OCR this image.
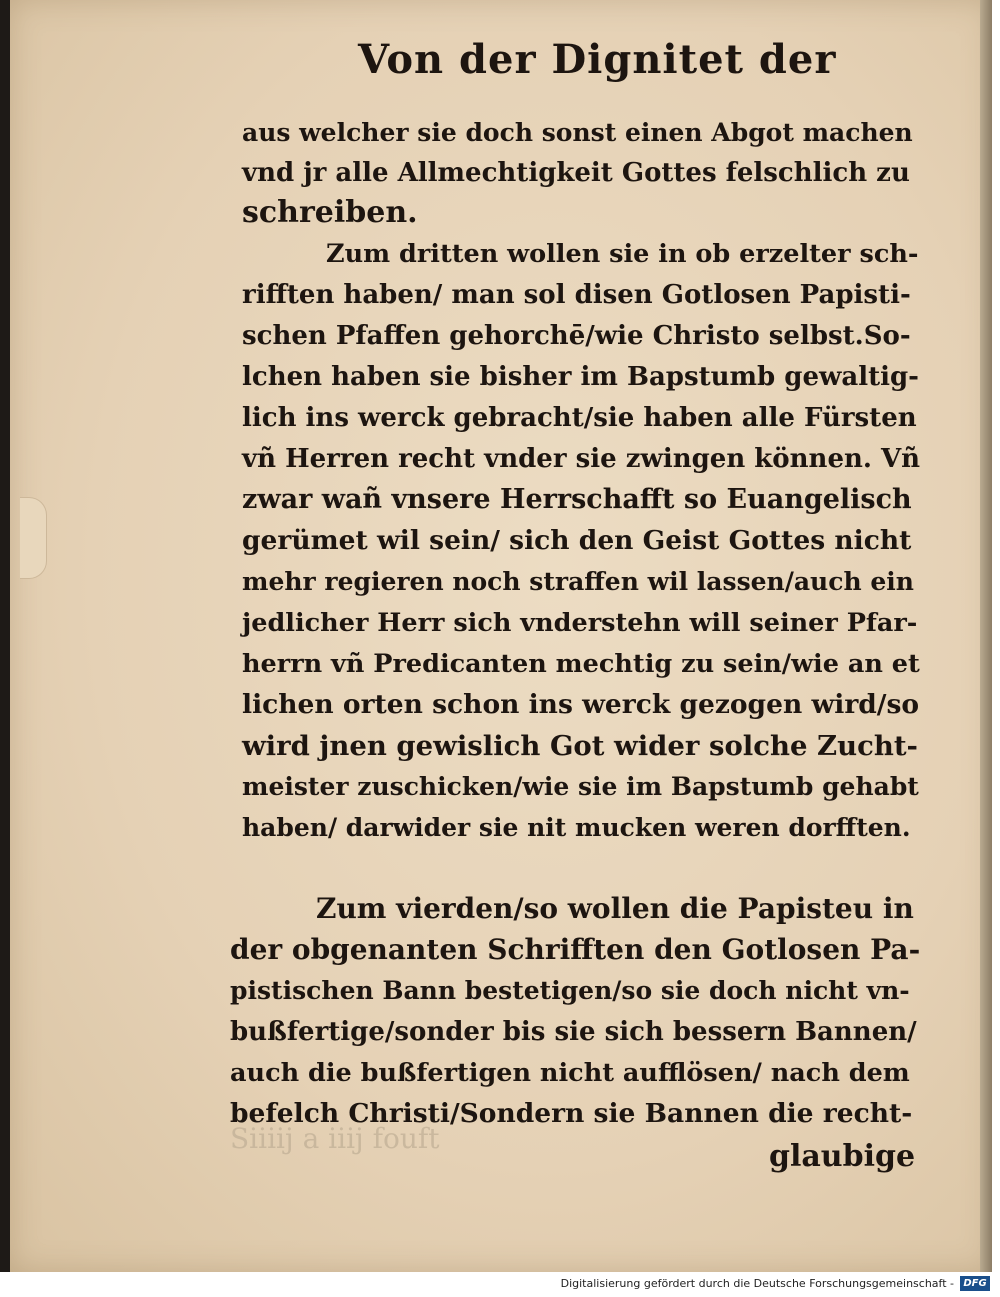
Von der Dignitet der
aus welcher sie doch sonst einen Abgot machen
vnd jr alle Allmechtigkeit Gottes felschlich zu
schreiben.
Zum dritten wollen sie in ob erzelter sch-
rifften haben/ man sol disen Gotlosen Papisti-
schen Pfaffen gehorchē/wie Christo selbst.So-
lchen haben sie bisher im Bapstumb gewaltig-
lich ins werck gebracht/sie haben alle Fürsten
vñ Herren recht vnder sie zwingen können. Vñ
zwar wañ vnsere Herrschafft so Euangelisch
gerümet wil sein/ sich den Geist Gottes nicht
mehr regieren noch straffen wil lassen/auch ein
jedlicher Herr sich vnderstehn will seiner Pfar-
herrn vñ Predicanten mechtig zu sein/wie an et
lichen orten schon ins werck gezogen wird/so
wird jnen gewislich Got wider solche Zucht-
meister zuschicken/wie sie im Bapstumb gehabt
haben/ darwider sie nit mucken weren dorfften.
Zum vierden/so wollen die Papisteu in
der obgenanten Schrifften den Gotlosen Pa-
pistischen Bann bestetigen/so sie doch nicht vn-
bußfertige/sonder bis sie sich bessern Bannen/
auch die bußfertigen nicht aufflösen/ nach dem
befelch Christi/Sondern sie Bannen die recht-
Siiiij a iiij fouft
glaubige
Digitalisierung gefördert durch die Deutsche Forschungsgemeinschaft - DFG
